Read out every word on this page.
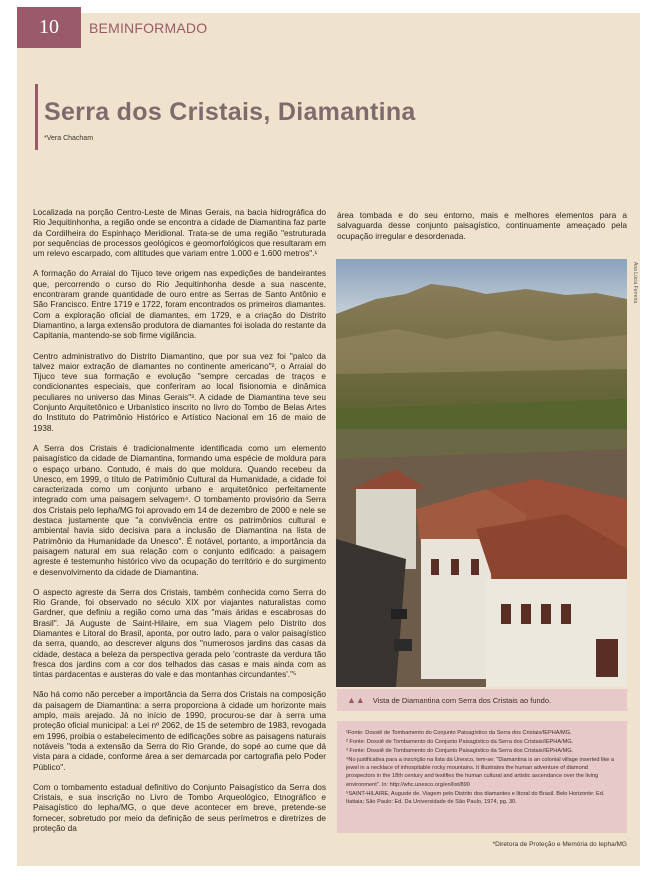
10	BEMINFORMADO
Serra dos Cristais, Diamantina
*Vera Chacham

Localizada na porção Centro-Leste de Minas Gerais, na bacia hidrográfica do Rio Jequitinhonha, a região onde se encontra a cidade de Diamantina faz parte da Cordilheira do Espinhaço Meridional. Trata-se de uma região "estruturada por sequências de processos geológicos e geomorfológicos que resultaram em um relevo escarpado, com altitudes que variam entre 1.000 e 1.600 metros".¹

A formação do Arraial do Tijuco teve origem nas expedições de bandeirantes que, percorrendo o curso do Rio Jequitinhonha desde a sua nascente, encontraram grande quantidade de ouro entre as Serras de Santo Antônio e São Francisco. Entre 1719 e 1722, foram encontrados os primeiros diamantes. Com a exploração oficial de diamantes, em 1729, e a criação do Distrito Diamantino, a larga extensão produtora de diamantes foi isolada do restante da Capitania, mantendo-se sob firme vigilância.

Centro administrativo do Distrito Diamantino, que por sua vez foi "palco da talvez maior extração de diamantes no continente americano"², o Arraial do Tijuco teve sua formação e evolução "sempre cercadas de traços e condicionantes especiais, que conferiram ao local fisionomia e dinâmica peculiares no universo das Minas Gerais"³. A cidade de Diamantina teve seu Conjunto Arquitetônico e Urbanístico inscrito no livro do Tombo de Belas Artes do Instituto do Patrimônio Histórico e Artístico Nacional em 16 de maio de 1938.

A Serra dos Cristais é tradicionalmente identificada como um elemento paisagístico da cidade de Diamantina, formando uma espécie de moldura para o espaço urbano. Contudo, é mais do que moldura. Quando recebeu da Unesco, em 1999, o título de Patrimônio Cultural da Humanidade, a cidade foi caracterizada como um conjunto urbano e arquitetônico perfeitamente integrado com uma paisagem selvagem⁴. O tombamento provisório da Serra dos Cristais pelo Iepha/MG foi aprovado em 14 de dezembro de 2000 e nele se destaca justamente que "a convivência entre os patrimônios cultural e ambiental havia sido decisiva para a inclusão de Diamantina na lista de Patrimônio da Humanidade da Unesco". É notável, portanto, a importância da paisagem natural em sua relação com o conjunto edificado: a paisagem agreste é testemunho histórico vivo da ocupação do território e do surgimento e desenvolvimento da cidade de Diamantina.

O aspecto agreste da Serra dos Cristais, também conhecida como Serra do Rio Grande, foi observado no século XIX por viajantes naturalistas como Gardner, que definiu a região como uma das "mais áridas e escabrosas do Brasil". Já Auguste de Saint-Hilaire, em sua Viagem pelo Distrito dos Diamantes e Litoral do Brasil, aponta, por outro lado, para o valor paisagístico da serra, quando, ao descrever alguns dos "numerosos jardins das casas da cidade, destaca a beleza da perspectiva gerada pelo 'contraste da verdura tão fresca dos jardins com a cor dos telhados das casas e mais ainda com as tintas pardacentas e austeras do vale e das montanhas circundantes'."⁵

Não há como não perceber a importância da Serra dos Cristais na composição da paisagem de Diamantina: a serra proporciona à cidade um horizonte mais amplo, mais arejado. Já no início de 1990, procurou-se dar à serra uma proteção oficial municipal: a Lei nº 2062, de 15 de setembro de 1983, revogada em 1996, proibia o estabelecimento de edificações sobre as paisagens naturais notáveis "toda a extensão da Serra do Rio Grande, do sopé ao cume que dá vista para a cidade, conforme área a ser demarcada por cartografia pelo Poder Público".

Com o tombamento estadual definitivo do Conjunto Paisagístico da Serra dos Cristais, e sua inscrição no Livro de Tombo Arqueológico, Etnográfico e Paisagístico do Iepha/MG, o que deve acontecer em breve, pretende-se fornecer, sobretudo por meio da definição de seus perímetros e diretrizes de proteção da

área tombada e do seu entorno, mais e melhores elementos para a salvaguarda desse conjunto paisagístico, continuamente ameaçado pela ocupação irregular e desordenada.
Ana Lúcia Ferreira
▲▲ Vista de Diamantina com Serra dos Cristais ao fundo.
¹Fonte: Dossiê de Tombamento do Conjunto Paisagístico da Serra dos Cristais/IEPHA/MG.
² Fonte: Dossiê de Tombamento do Conjunto Paisagístico da Serra dos Cristais/IEPHA/MG.
³ Fonte: Dossiê de Tombamento do Conjunto Paisagístico da Serra dos Cristais/IEPHA/MG.
⁴No justificativa para a inscrição na lista da Unesco, tem-se: "Diamantina is an colonial village inserted like a jewel in a necklace of inhospitable rocky mountains. It illustrates the human adventure of diamond prospectors in the 18th century and testifies the human cultural and artistic ascendance over the living environment". In: http://whc.unesco.org/en/list/890
⁵SAINT-HILAIRE, Auguste de. Viagem pelo Distrito dos diamantes e litoral do Brasil. Belo Horizonte: Ed. Itatiaia; São Paulo: Ed. Da Universidade de São Paulo, 1974, pg. 30.
*Diretora de Proteção e Memória do Iepha/MG
